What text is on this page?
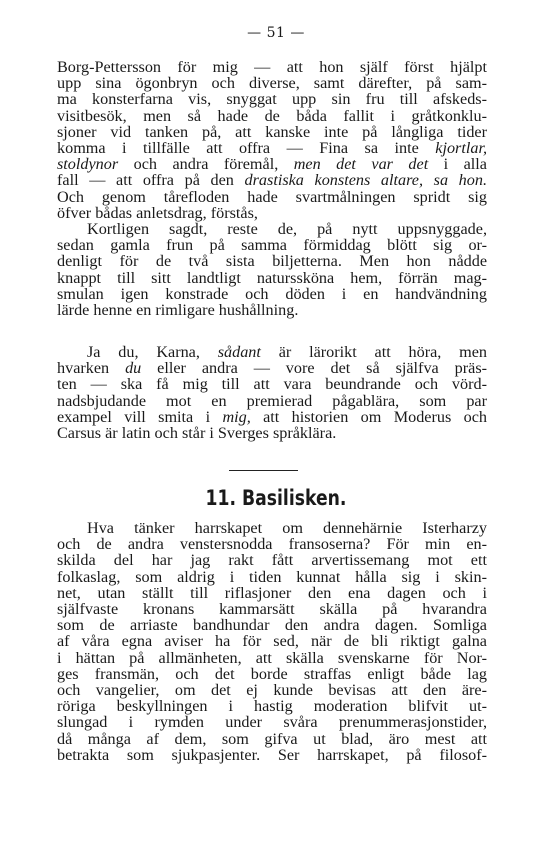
— 51 —
Borg-Pettersson för mig — att hon själf först hjälpt
upp sina ögonbryn och diverse, samt därefter, på sam-
ma konsterfarna vis, snyggat upp sin fru till afskeds-
visitbesök, men så hade de båda fallit i gråtkonklu-
sjoner vid tanken på, att kanske inte på långliga tider
komma i tillfälle att offra — Fina sa inte kjortlar,
stoldynor och andra föremål, men det var det i alla
fall — att offra på den drastiska konstens altare, sa hon.
Och genom tårefloden hade svartmålningen spridt sig
öfver bådas anletsdrag, förstås,
Kortligen sagdt, reste de, på nytt uppsnyggade,
sedan gamla frun på samma förmiddag blött sig or-
denligt för de två sista biljetterna. Men hon nådde
knappt till sitt landtligt naturssköna hem, förrän mag-
smulan igen konstrade och döden i en handvändning
lärde henne en rimligare hushållning.
Ja du, Karna, sådant är lärorikt att höra, men
hvarken du eller andra — vore det så själfva präs-
ten — ska få mig till att vara beundrande och vörd-
nadsbjudande mot en premierad pågablära, som par
exampel vill smita i mig, att historien om Moderus och
Carsus är latin och står i Sverges språklära.
11. Basilisken.
Hva tänker harrskapet om dennehärnie Isterharzy
och de andra venstersnodda fransoserna? För min en-
skilda del har jag rakt fått arvertissemang mot ett
folkaslag, som aldrig i tiden kunnat hålla sig i skin-
net, utan ställt till riflasjoner den ena dagen och i
själfvaste kronans kammarsätt skälla på hvarandra
som de arriaste bandhundar den andra dagen. Somliga
af våra egna aviser ha för sed, när de bli riktigt galna
i hättan på allmänheten, att skälla svenskarne för Nor-
ges fransmän, och det borde straffas enligt både lag
och vangelier, om det ej kunde bevisas att den äre-
röriga beskyllningen i hastig moderation blifvit ut-
slungad i rymden under svåra prenummerasjonstider,
då många af dem, som gifva ut blad, äro mest att
betrakta som sjukpasjenter. Ser harrskapet, på filosof-
